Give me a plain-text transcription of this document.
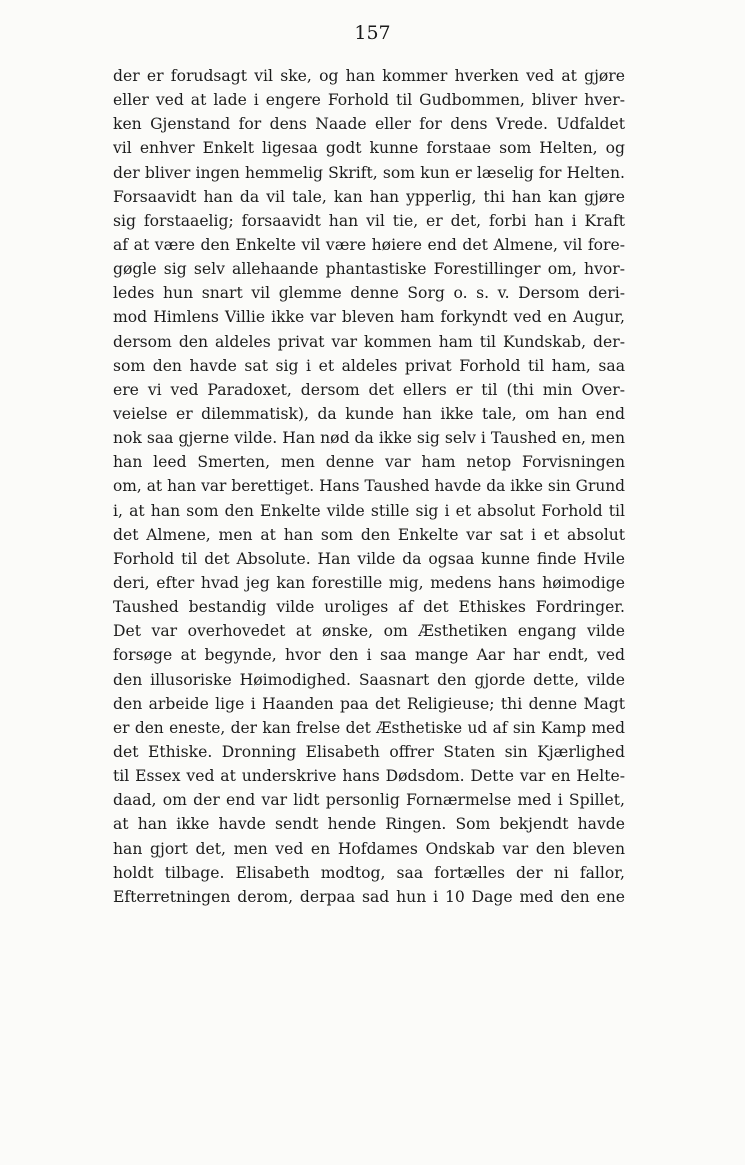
157
der er forudsagt vil ske, og han kommer hverken ved at gjøre
eller ved at lade i engere Forhold til Gudbommen, bliver hver-
ken Gjenstand for dens Naade eller for dens Vrede. Udfaldet
vil enhver Enkelt ligesaa godt kunne forstaae som Helten, og
der bliver ingen hemmelig Skrift, som kun er læselig for Helten.
Forsaavidt han da vil tale, kan han ypperlig, thi han kan gjøre
sig forstaaelig; forsaavidt han vil tie, er det, forbi han i Kraft
af at være den Enkelte vil være høiere end det Almene, vil fore-
gøgle sig selv allehaande phantastiske Forestillinger om, hvor-
ledes hun snart vil glemme denne Sorg o. s. v. Dersom deri-
mod Himlens Villie ikke var bleven ham forkyndt ved en Augur,
dersom den aldeles privat var kommen ham til Kundskab, der-
som den havde sat sig i et aldeles privat Forhold til ham, saa
ere vi ved Paradoxet, dersom det ellers er til (thi min Over-
veielse er dilemmatisk), da kunde han ikke tale, om han end
nok saa gjerne vilde. Han nød da ikke sig selv i Taushed en, men
han leed Smerten, men denne var ham netop Forvisningen
om, at han var berettiget. Hans Taushed havde da ikke sin Grund
i, at han som den Enkelte vilde stille sig i et absolut Forhold til
det Almene, men at han som den Enkelte var sat i et absolut
Forhold til det Absolute. Han vilde da ogsaa kunne finde Hvile
deri, efter hvad jeg kan forestille mig, medens hans høimodige
Taushed bestandig vilde uroliges af det Ethiskes Fordringer.
Det var overhovedet at ønske, om Æsthetiken engang vilde
forsøge at begynde, hvor den i saa mange Aar har endt, ved
den illusoriske Høimodighed. Saasnart den gjorde dette, vilde
den arbeide lige i Haanden paa det Religieuse; thi denne Magt
er den eneste, der kan frelse det Æsthetiske ud af sin Kamp med
det Ethiske. Dronning Elisabeth offrer Staten sin Kjærlighed
til Essex ved at underskrive hans Dødsdom. Dette var en Helte-
daad, om der end var lidt personlig Fornærmelse med i Spillet,
at han ikke havde sendt hende Ringen. Som bekjendt havde
han gjort det, men ved en Hofdames Ondskab var den bleven
holdt tilbage. Elisabeth modtog, saa fortælles der ni fallor,
Efterretningen derom, derpaa sad hun i 10 Dage med den ene
